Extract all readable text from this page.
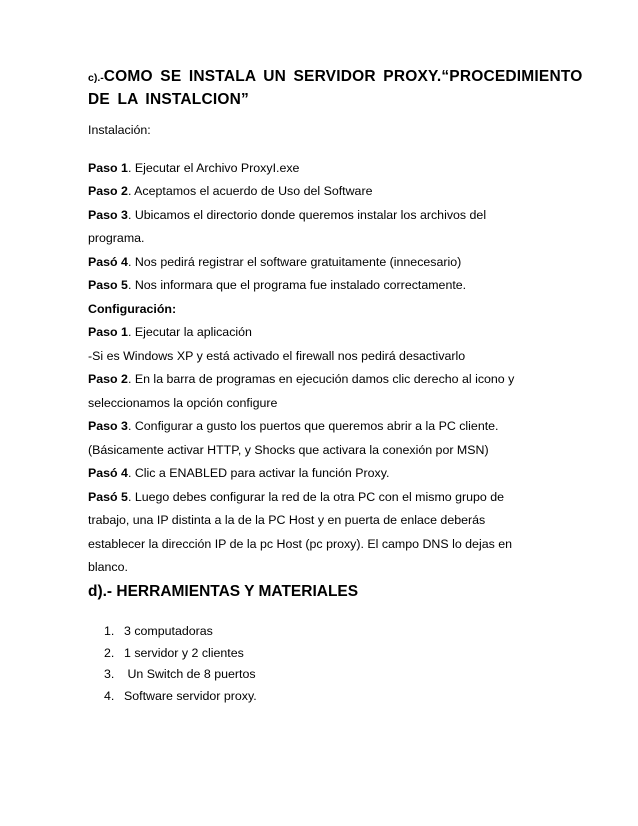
c).-COMO SE INSTALA UN SERVIDOR PROXY.“PROCEDIMIENTO
DE LA INSTALCION”

Instalación:

Paso 1. Ejecutar el Archivo ProxyI.exe

Paso 2. Aceptamos el acuerdo de Uso del Software

Paso 3. Ubicamos el directorio donde queremos instalar los archivos del

programa.

Pasó 4. Nos pedirá registrar el software gratuitamente (innecesario)

Paso 5. Nos informara que el programa fue instalado correctamente.

Configuración:

Paso 1. Ejecutar la aplicación

-Si es Windows XP y está activado el firewall nos pedirá desactivarlo

Paso 2. En la barra de programas en ejecución damos clic derecho al icono y

seleccionamos la opción configure

Paso 3. Configurar a gusto los puertos que queremos abrir a la PC cliente.

(Básicamente activar HTTP, y Shocks que activara la conexión por MSN)

Pasó 4. Clic a ENABLED para activar la función Proxy.

Pasó 5. Luego debes configurar la red de la otra PC con el mismo grupo de

trabajo, una IP distinta a la de la PC Host y en puerta de enlace deberás

establecer la dirección IP de la pc Host (pc proxy). El campo DNS lo dejas en

blanco.

d).- HERRAMIENTAS Y MATERIALES
1. 3 computadoras
2. 1 servidor y 2 clientes
3. Un Switch de 8 puertos
4. Software servidor proxy.
